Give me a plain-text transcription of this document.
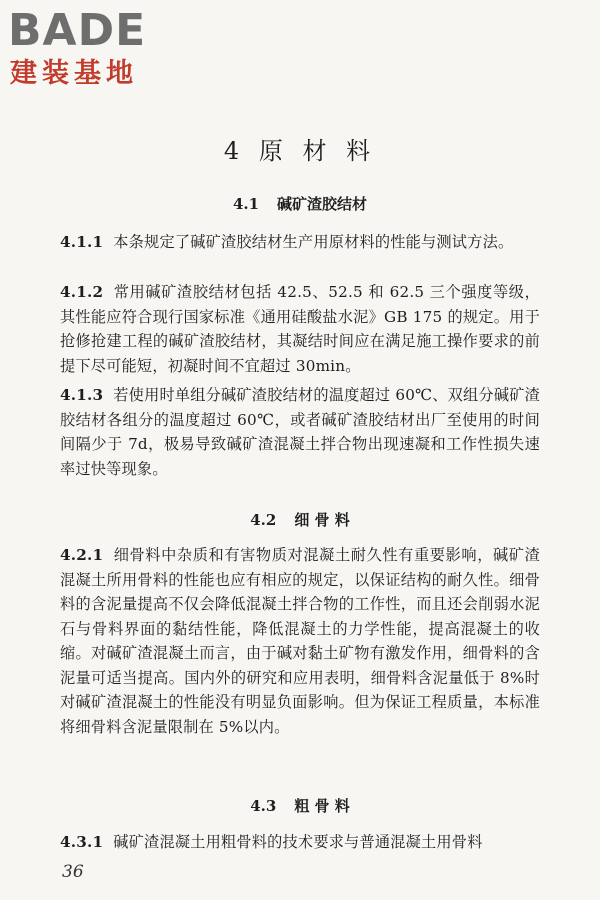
BADE
建装基地
4 原 材 料
4.1 碱矿渣胶结材
4.1.1 本条规定了碱矿渣胶结材生产用原材料的性能与测试方法。
4.1.2 常用碱矿渣胶结材包括 42.5、52.5 和 62.5 三个强度等级，其性能应符合现行国家标准《通用硅酸盐水泥》GB 175 的规定。用于抢修抢建工程的碱矿渣胶结材，其凝结时间应在满足施工操作要求的前提下尽可能短，初凝时间不宜超过 30min。
4.1.3 若使用时单组分碱矿渣胶结材的温度超过 60℃、双组分碱矿渣胶结材各组分的温度超过 60℃，或者碱矿渣胶结材出厂至使用的时间间隔少于 7d，极易导致碱矿渣混凝土拌合物出现速凝和工作性损失速率过快等现象。
4.2 细 骨 料
4.2.1 细骨料中杂质和有害物质对混凝土耐久性有重要影响，碱矿渣混凝土所用骨料的性能也应有相应的规定，以保证结构的耐久性。细骨料的含泥量提高不仅会降低混凝土拌合物的工作性，而且还会削弱水泥石与骨料界面的黏结性能，降低混凝土的力学性能，提高混凝土的收缩。对碱矿渣混凝土而言，由于碱对黏土矿物有激发作用，细骨料的含泥量可适当提高。国内外的研究和应用表明，细骨料含泥量低于 8%时对碱矿渣混凝土的性能没有明显负面影响。但为保证工程质量，本标准将细骨料含泥量限制在 5%以内。
4.3 粗 骨 料
4.3.1 碱矿渣混凝土用粗骨料的技术要求与普通混凝土用骨料
36
